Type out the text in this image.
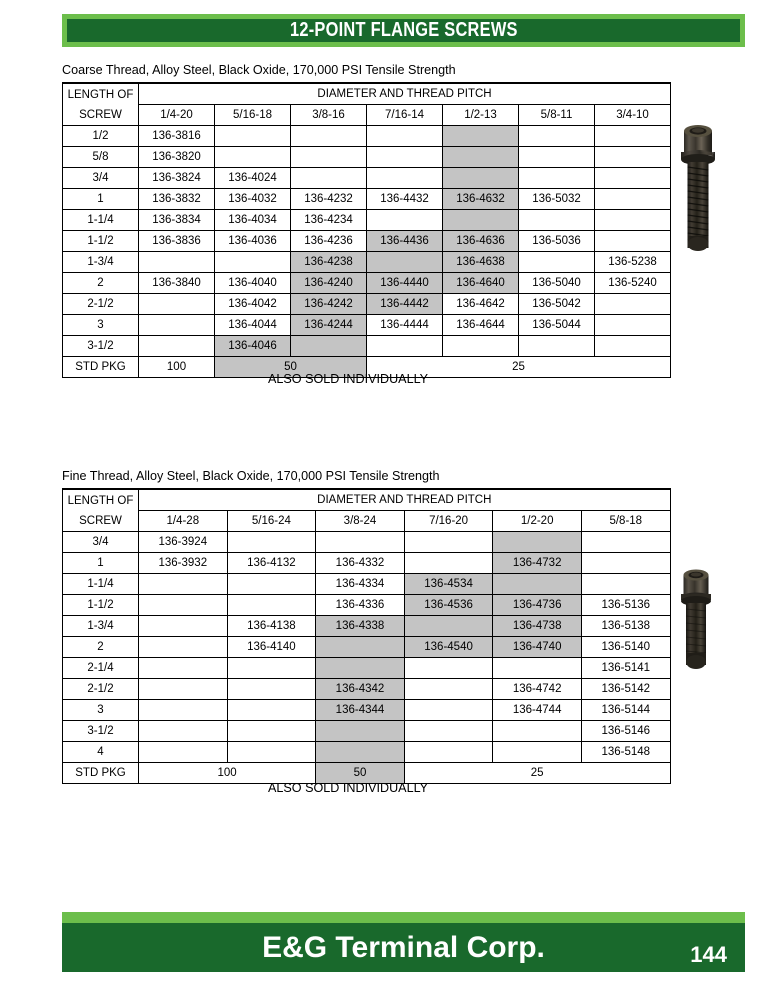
12-POINT FLANGE SCREWS
Coarse Thread, Alloy Steel, Black Oxide, 170,000 PSI Tensile Strength
LENGTH OF
SCREW	DIAMETER AND THREAD PITCH						
	1/4-20	5/16-18	3/8-16	7/16-14	1/2-13	5/8-11	3/4-10
1/2	136-3816						
5/8	136-3820						
3/4	136-3824	136-4024					
1	136-3832	136-4032	136-4232	136-4432	136-4632	136-5032	
1-1/4	136-3834	136-4034	136-4234				
1-1/2	136-3836	136-4036	136-4236	136-4436	136-4636	136-5036	
1-3/4			136-4238		136-4638		136-5238
2	136-3840	136-4040	136-4240	136-4440	136-4640	136-5040	136-5240
2-1/2		136-4042	136-4242	136-4442	136-4642	136-5042	
3		136-4044	136-4244	136-4444	136-4644	136-5044	
3-1/2		136-4046					
STD PKG	100	50		25			
ALSO SOLD INDIVIDUALLY
Fine Thread, Alloy Steel, Black Oxide, 170,000 PSI Tensile Strength
LENGTH OF
SCREW	DIAMETER AND THREAD PITCH					
	1/4-28	5/16-24	3/8-24	7/16-20	1/2-20	5/8-18
3/4	136-3924					
1	136-3932	136-4132	136-4332		136-4732	
1-1/4			136-4334	136-4534		
1-1/2			136-4336	136-4536	136-4736	136-5136
1-3/4		136-4138	136-4338		136-4738	136-5138
2		136-4140		136-4540	136-4740	136-5140
2-1/4						136-5141
2-1/2			136-4342		136-4742	136-5142
3			136-4344		136-4744	136-5144
3-1/2						136-5146
4						136-5148
STD PKG	100		50	25		
ALSO SOLD INDIVIDUALLY
E&G Terminal Corp.	144
